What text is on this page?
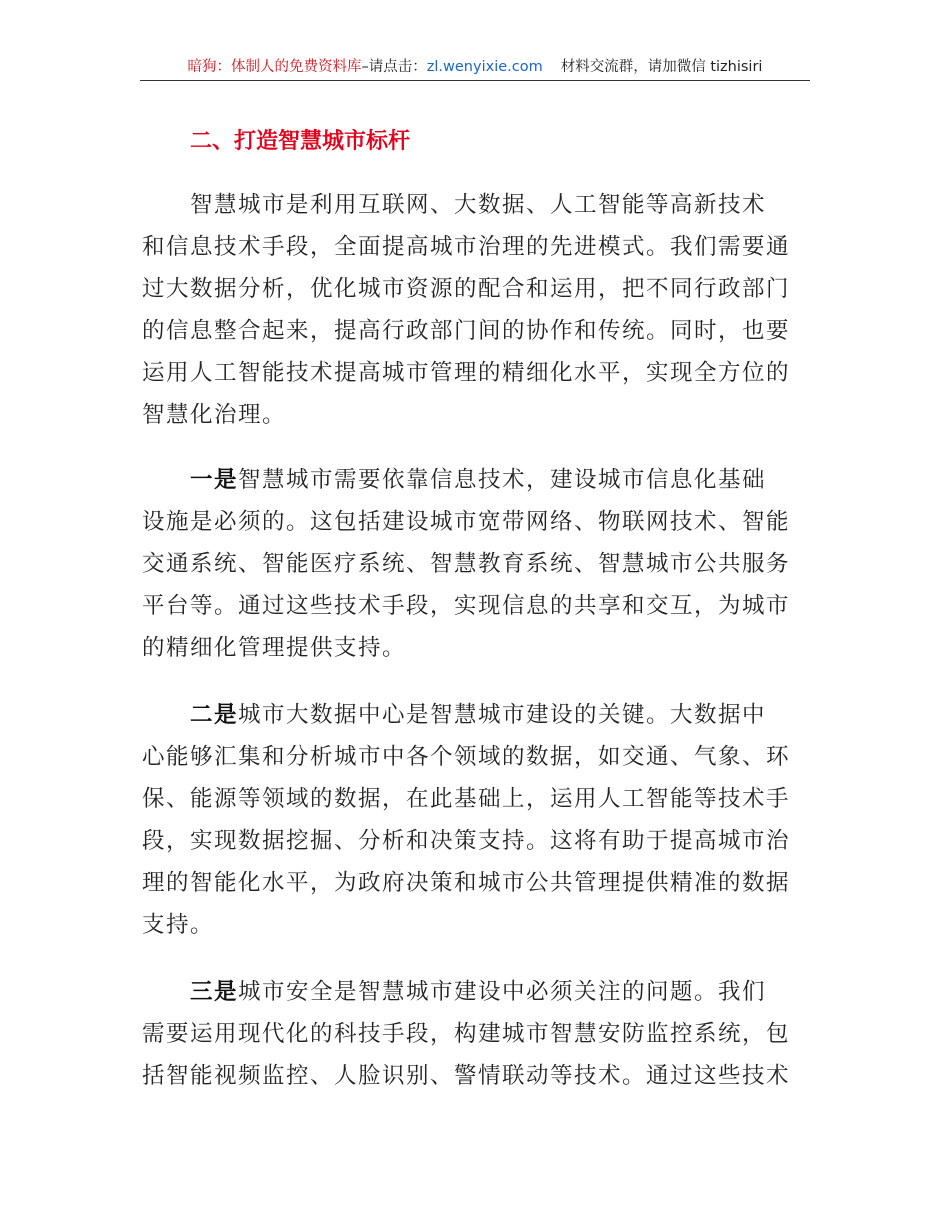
暗狗：体制人的免费资料库–请点击：zl.wenyixie.com 材料交流群，请加微信 tizhisiri
二、打造智慧城市标杆
智慧城市是利用互联网、大数据、人工智能等高新技术
和信息技术手段，全面提高城市治理的先进模式。我们需要通
过大数据分析，优化城市资源的配合和运用，把不同行政部门
的信息整合起来，提高行政部门间的协作和传统。同时，也要
运用人工智能技术提高城市管理的精细化水平，实现全方位的
智慧化治理。
一是智慧城市需要依靠信息技术，建设城市信息化基础
设施是必须的。这包括建设城市宽带网络、物联网技术、智能
交通系统、智能医疗系统、智慧教育系统、智慧城市公共服务
平台等。通过这些技术手段，实现信息的共享和交互，为城市
的精细化管理提供支持。
二是城市大数据中心是智慧城市建设的关键。大数据中
心能够汇集和分析城市中各个领域的数据，如交通、气象、环
保、能源等领域的数据，在此基础上，运用人工智能等技术手
段，实现数据挖掘、分析和决策支持。这将有助于提高城市治
理的智能化水平，为政府决策和城市公共管理提供精准的数据
支持。
三是城市安全是智慧城市建设中必须关注的问题。我们
需要运用现代化的科技手段，构建城市智慧安防监控系统，包
括智能视频监控、人脸识别、警情联动等技术。通过这些技术
